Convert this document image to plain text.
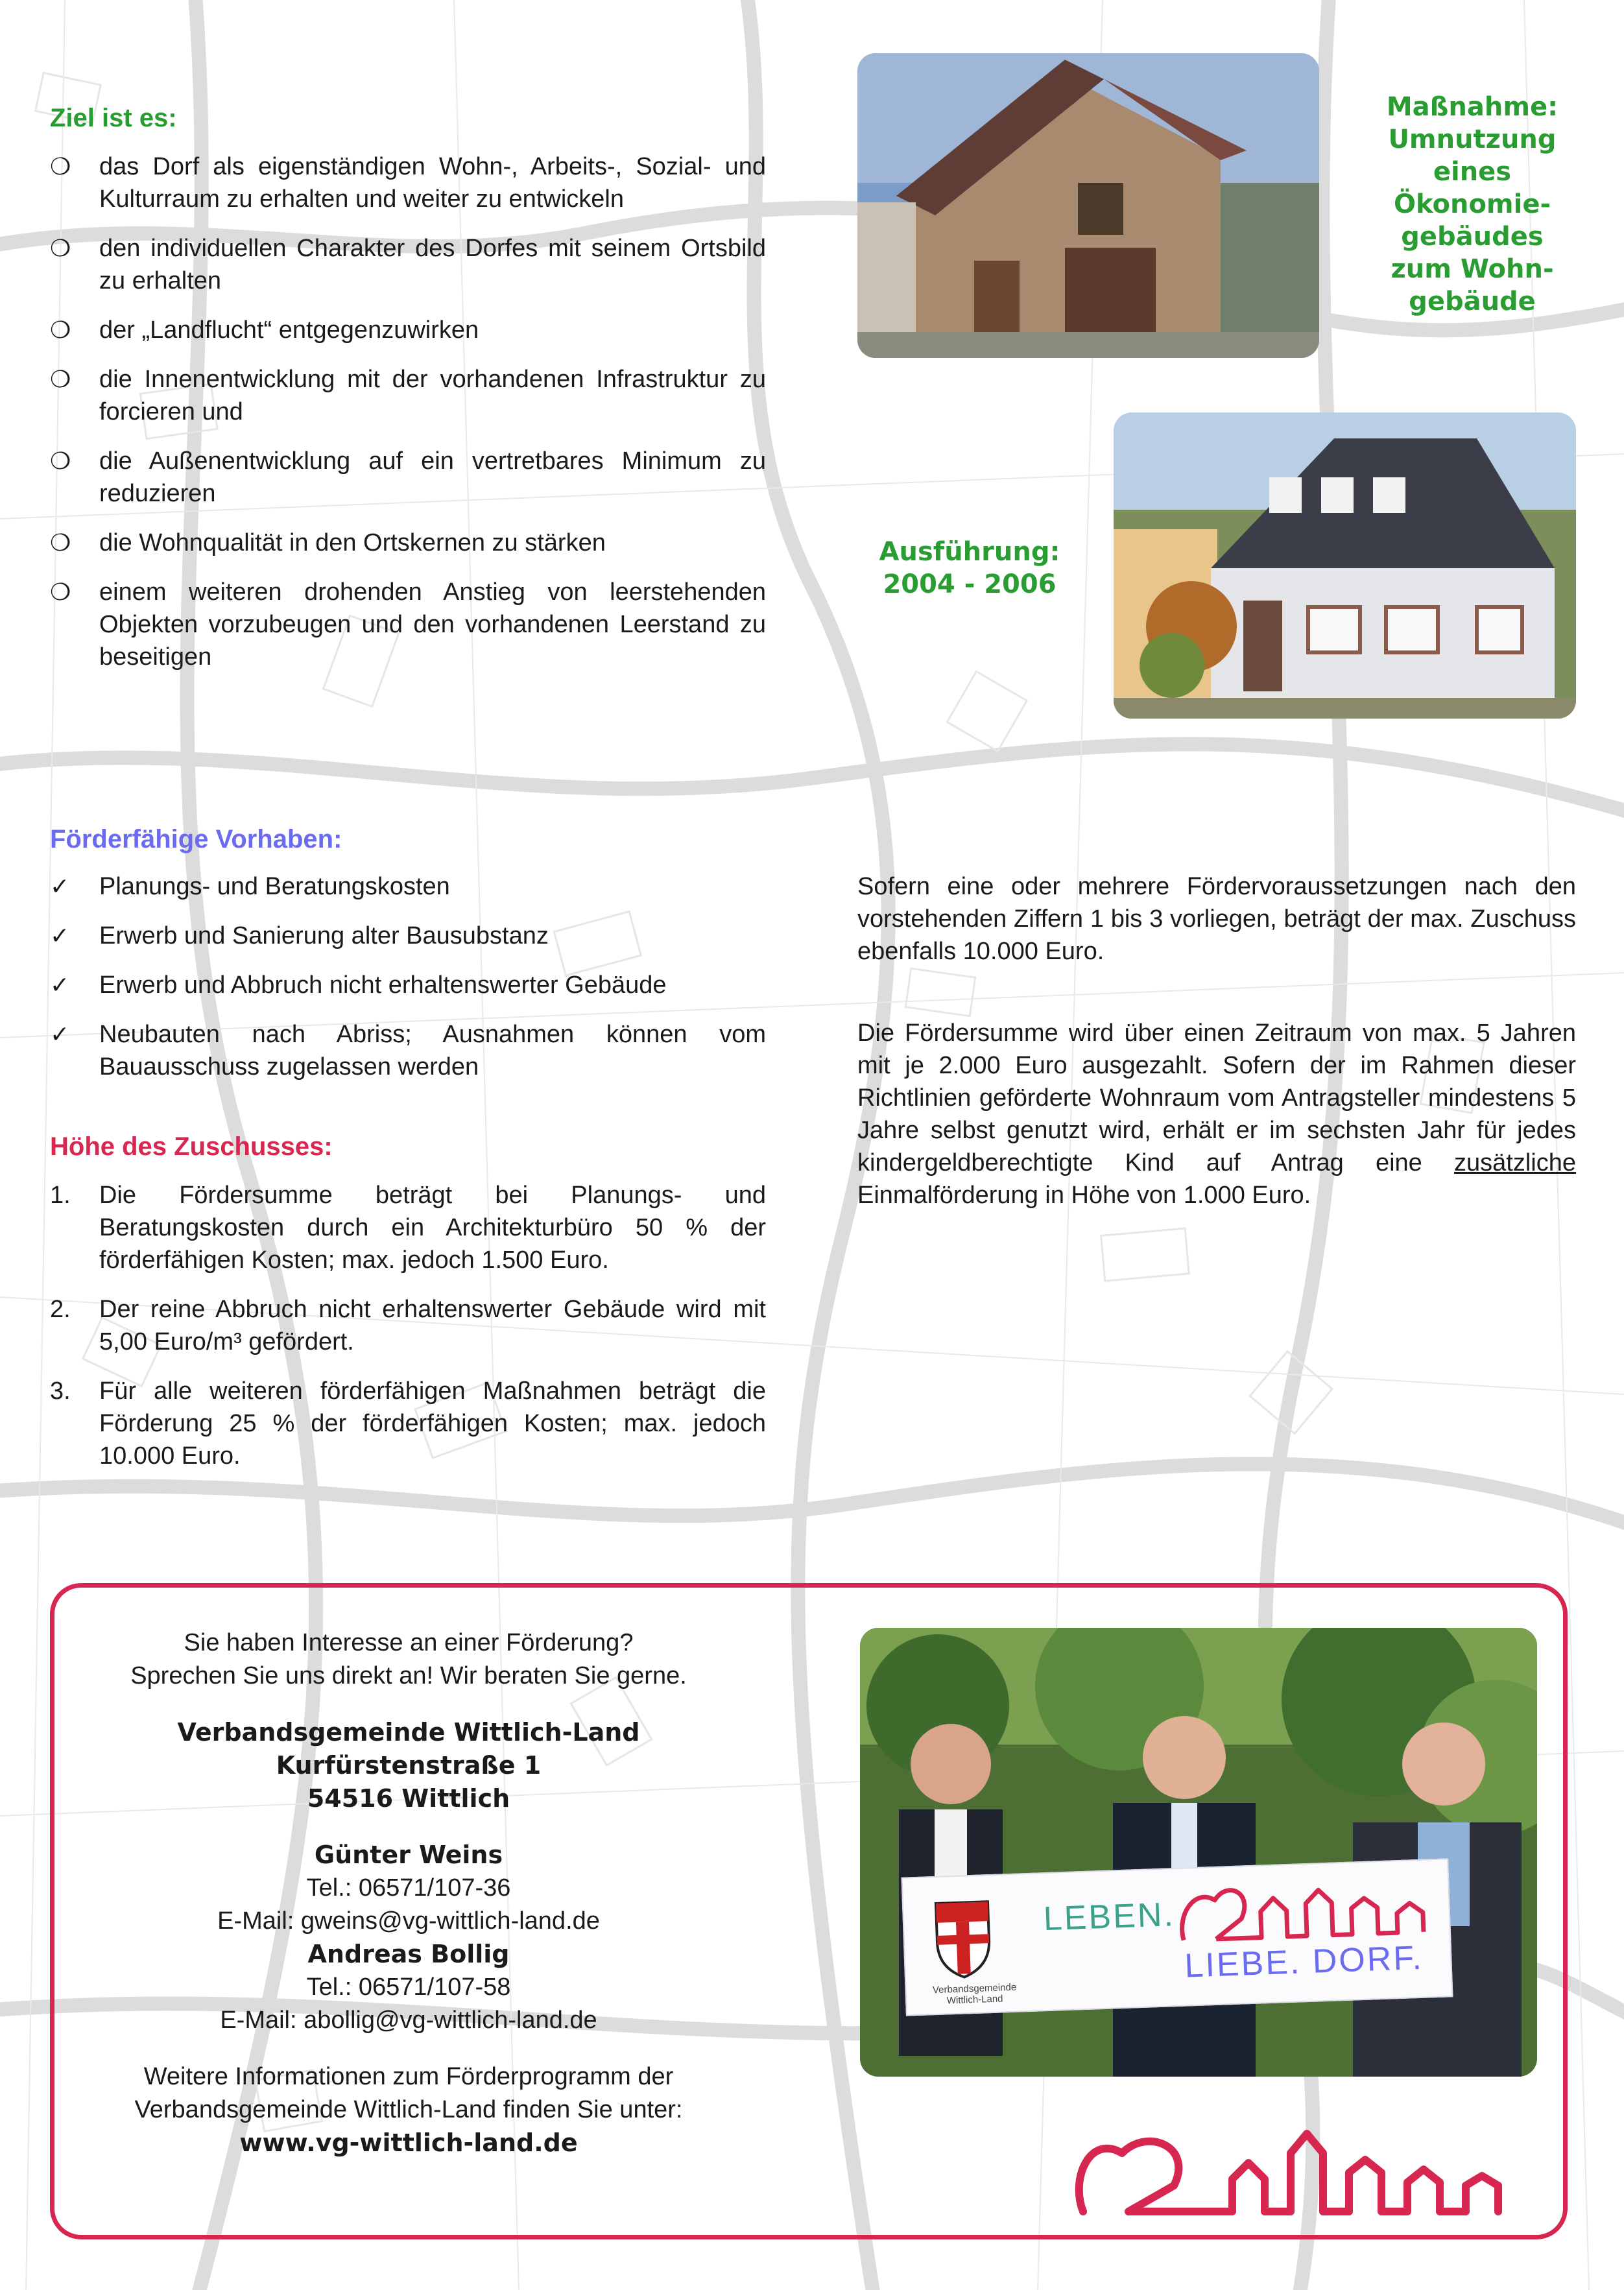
Ziel ist es:
❍ das Dorf als eigenständigen Wohn-, Arbeits-, Sozial- und Kulturraum zu erhalten und weiter zu entwickeln
❍ den individuellen Charakter des Dorfes mit seinem Ortsbild zu erhalten
❍ der „Landflucht“ entgegenzuwirken
❍ die Innenentwicklung mit der vorhandenen Infrastruktur zu forcieren und
❍ die Außenentwicklung auf ein vertretbares Minimum zu reduzieren
❍ die Wohnqualität in den Ortskernen zu stärken
❍ einem weiteren drohenden Anstieg von leerstehenden Objekten vorzubeugen und den vorhandenen Leerstand zu beseitigen
Maßnahme:
Umnutzung
eines
Ökonomie-
gebäudes
zum Wohn-
gebäude
Ausführung:
2004 - 2006
Förderfähige Vorhaben:
✓ Planungs- und Beratungskosten
✓ Erwerb und Sanierung alter Bausubstanz
✓ Erwerb und Abbruch nicht erhaltenswerter Gebäude
✓ Neubauten nach Abriss; Ausnahmen können vom Bauausschuss zugelassen werden
Höhe des Zuschusses:
1. Die Fördersumme beträgt bei Planungs- und Beratungskosten durch ein Architekturbüro 50 % der förderfähigen Kosten; max. jedoch 1.500 Euro.
2. Der reine Abbruch nicht erhaltenswerter Gebäude wird mit 5,00 Euro/m³ gefördert.
3. Für alle weiteren förderfähigen Maßnahmen beträgt die Förderung 25 % der förderfähigen Kosten; max. jedoch 10.000 Euro.

Sofern eine oder mehrere Fördervoraussetzungen nach den vorstehenden Ziffern 1 bis 3 vorliegen, beträgt der max. Zuschuss ebenfalls 10.000 Euro.

Die Fördersumme wird über einen Zeitraum von max. 5 Jahren mit je 2.000 Euro ausgezahlt. Sofern der im Rahmen dieser Richtlinien geförderte Wohnraum vom Antragsteller mindestens 5 Jahre selbst genutzt wird, erhält er im sechsten Jahr für jedes kindergeldberechtigte Kind auf Antrag eine zusätzliche Einmalförderung in Höhe von 1.000 Euro.

Sie haben Interesse an einer Förderung?
Sprechen Sie uns direkt an! Wir beraten Sie gerne.
Verbandsgemeinde Wittlich-Land
Kurfürstenstraße 1
54516 Wittlich
Günter Weins
Tel.: 06571/107-36
E-Mail: gweins@vg-wittlich-land.de
Andreas Bollig
Tel.: 06571/107-58
E-Mail: abollig@vg-wittlich-land.de
Weitere Informationen zum Förderprogramm der
Verbandsgemeinde Wittlich-Land finden Sie unter:
www.vg-wittlich-land.de
Verbandsgemeinde Wittlich-Land
LEBEN.
LIEBE. DORF.
